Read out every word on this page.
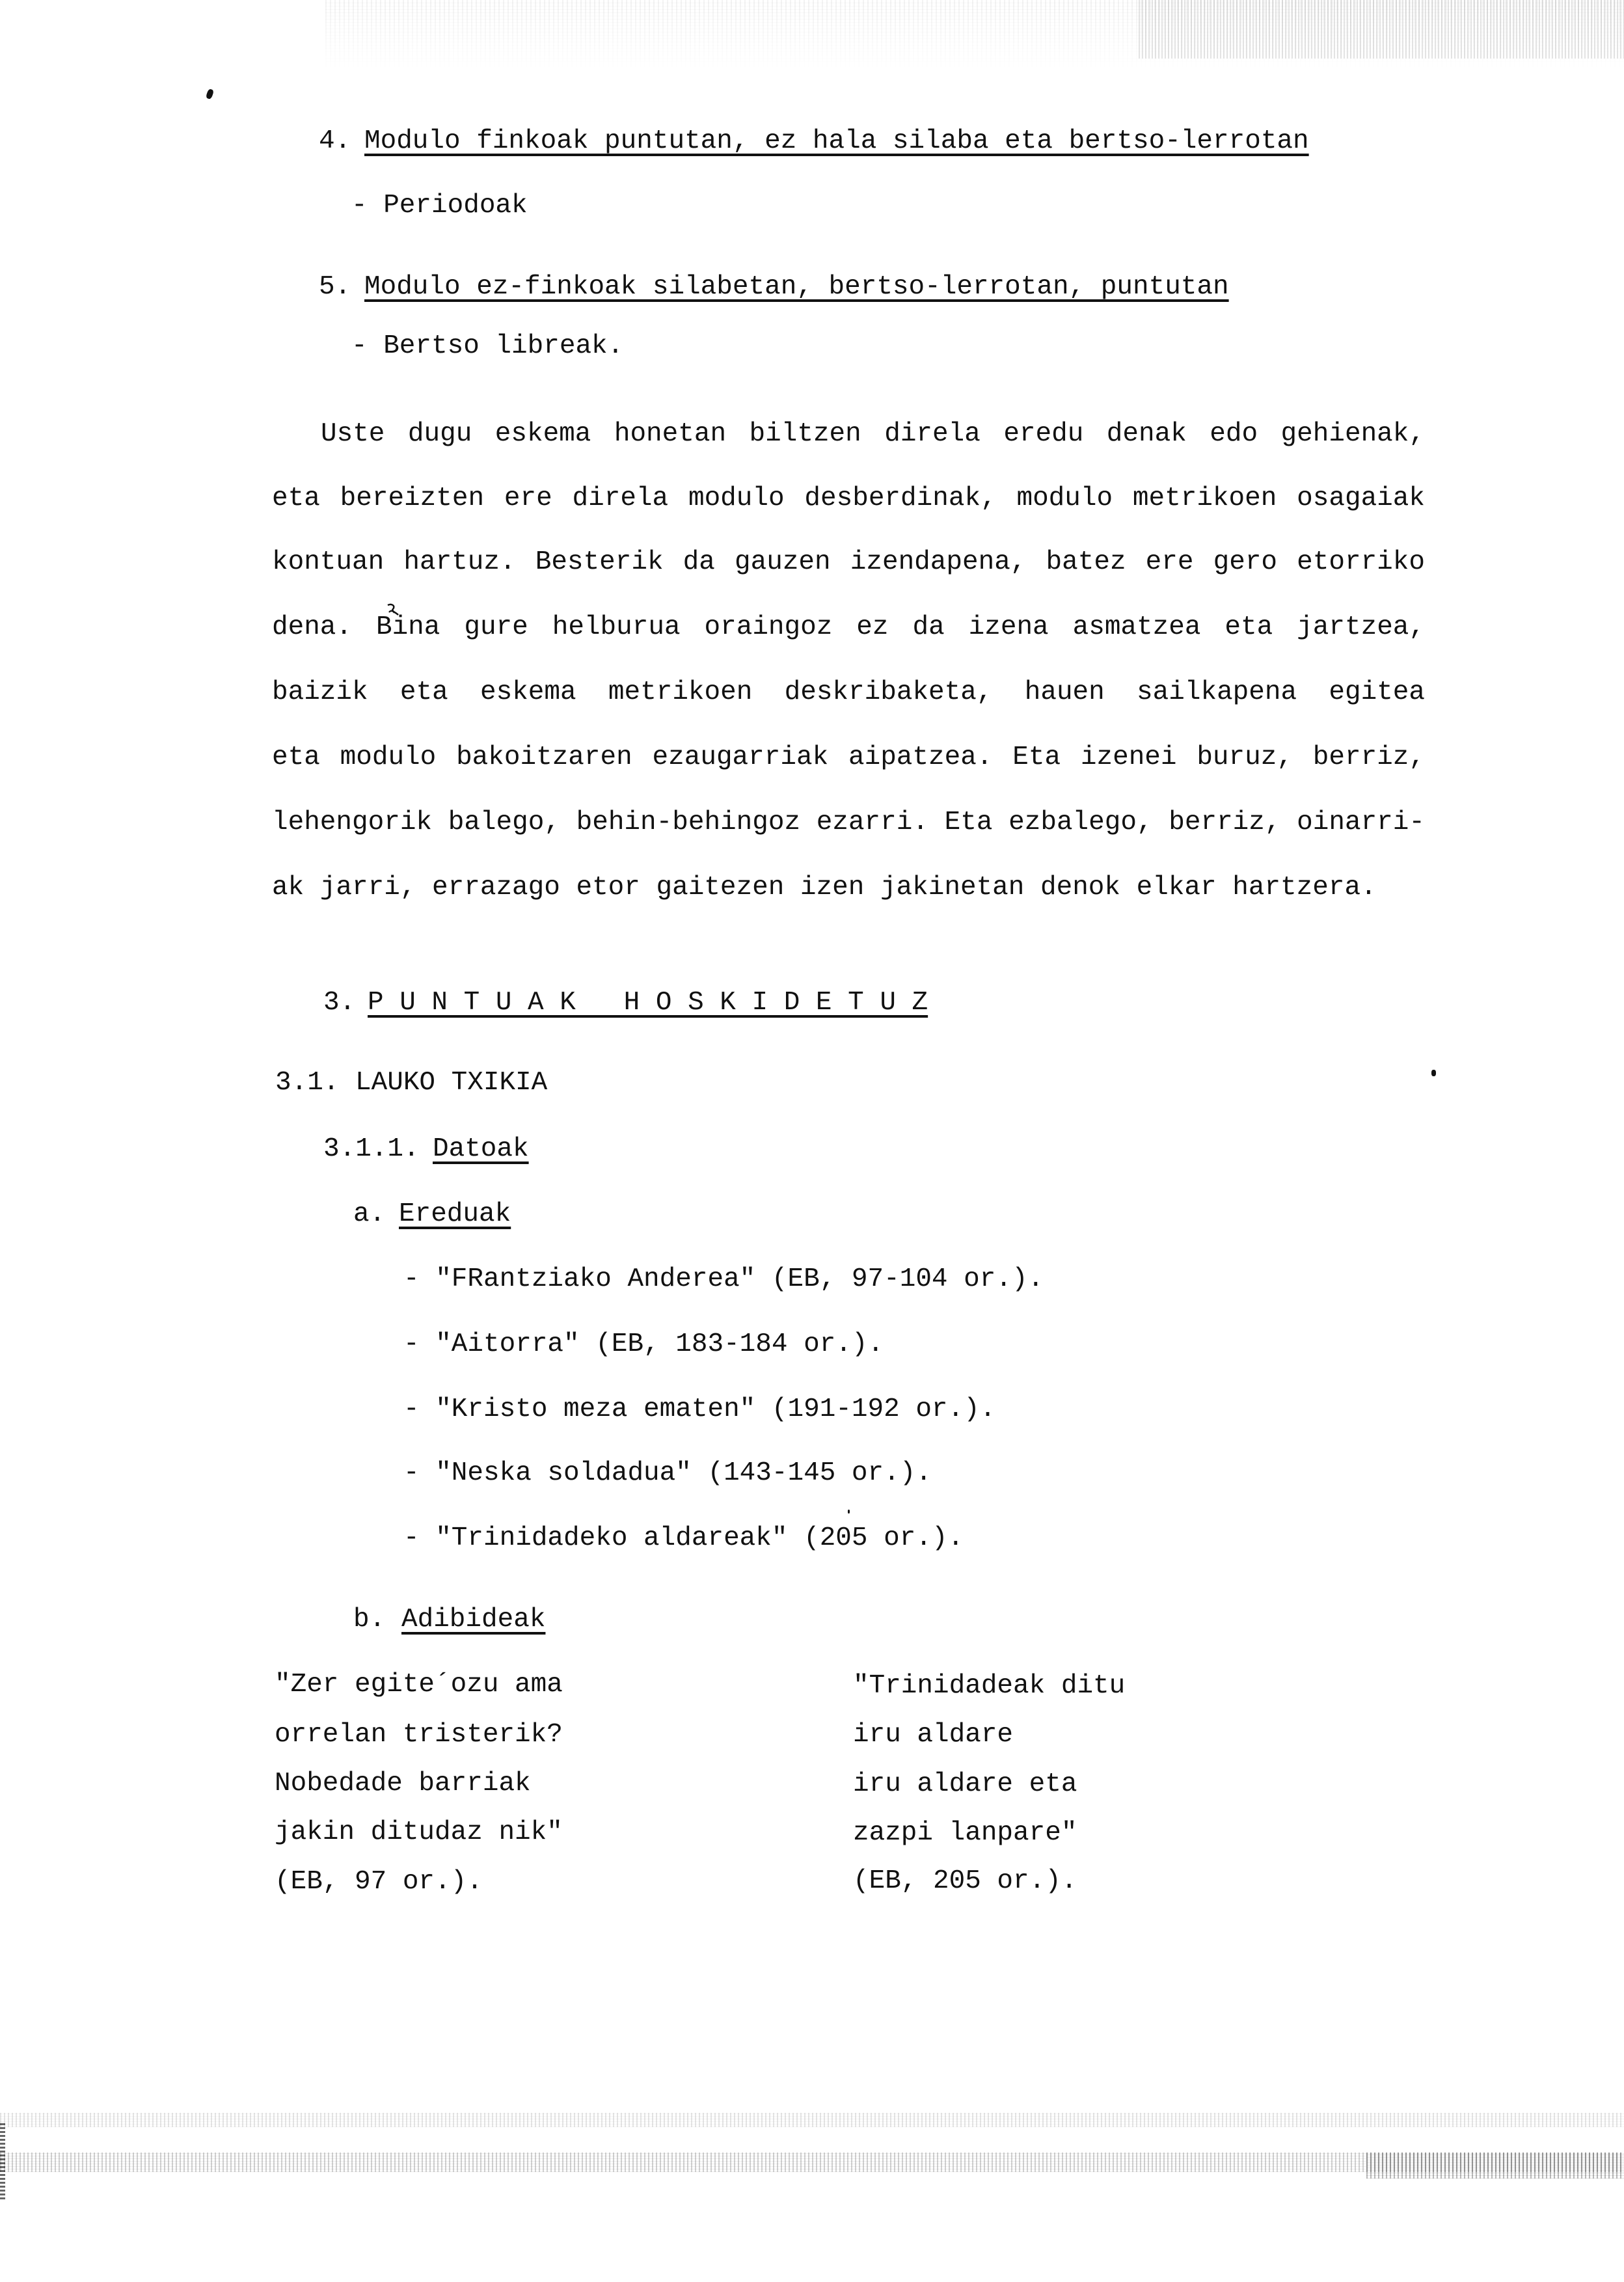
4. Modulo finkoak puntutan, ez hala silaba eta bertso-lerrotan
- Periodoak
5. Modulo ez-finkoak silabetan, bertso-lerrotan, puntutan
- Bertso libreak.
Uste dugu eskema honetan biltzen direla eredu denak edo gehienak,
eta bereizten ere direla modulo desberdinak, modulo metrikoen osagaiak
kontuan hartuz. Besterik da gauzen izendapena, batez ere gero etorriko
dena. Bina gure helburua oraingoz ez da izena asmatzea eta jartzea,
baizik eta eskema metrikoen deskribaketa, hauen sailkapena egitea
eta modulo bakoitzaren ezaugarriak aipatzea. Eta izenei buruz, berriz,
lehengorik balego, behin-behingoz ezarri. Eta ezbalego, berriz, oinarri-
ak jarri, errazago etor gaitezen izen jakinetan denok elkar hartzera.
3. P U N T U A K   H O S K I D E T U Z
3.1. LAUKO TXIKIA
3.1.1. Datoak
a. Ereduak
- "FRantziako Anderea" (EB, 97-104 or.).
- "Aitorra" (EB, 183-184 or.).
- "Kristo meza ematen" (191-192 or.).
- "Neska soldadua" (143-145 or.).
- "Trinidadeko aldareak" (205 or.).
b. Adibideak
"Zer egite´ozu ama
orrelan tristerik?
Nobedade barriak
jakin ditudaz nik"
(EB, 97 or.).
"Trinidadeak ditu
iru aldare
iru aldare eta
zazpi lanpare"
(EB, 205 or.).
